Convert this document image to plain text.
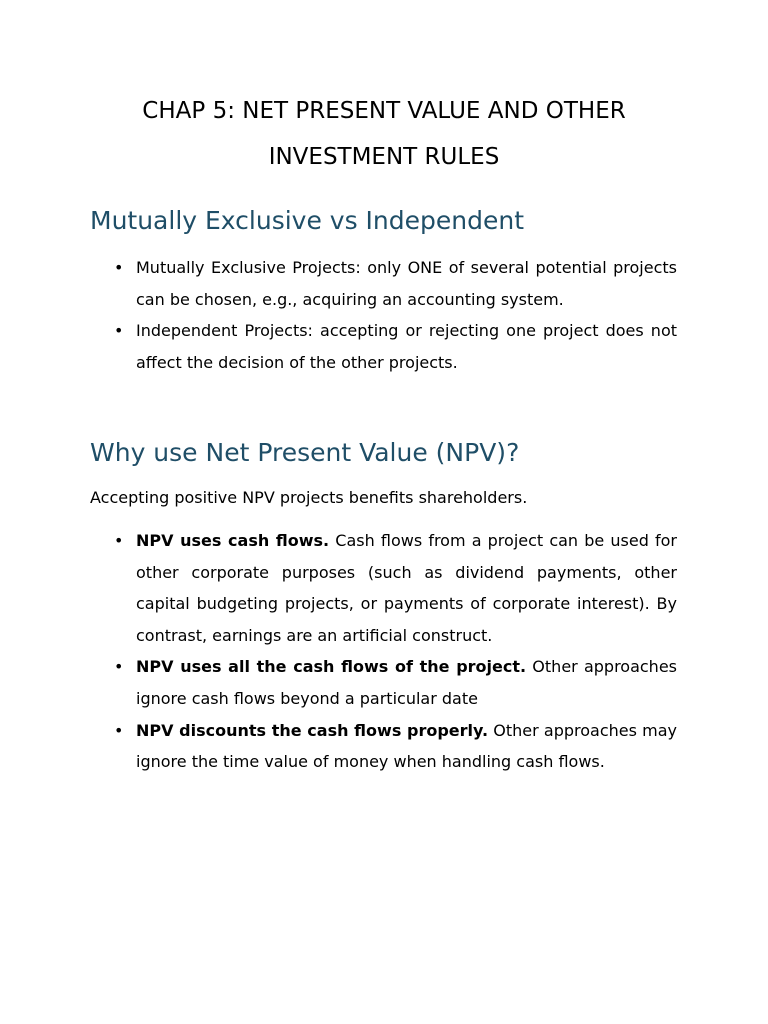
CHAP 5: NET PRESENT VALUE AND OTHER
INVESTMENT RULES
Mutually Exclusive vs Independent
• Mutually Exclusive Projects: only ONE of several potential projects can be chosen, e.g., acquiring an accounting system.
• Independent Projects: accepting or rejecting one project does not affect the decision of the other projects.
Why use Net Present Value (NPV)?

Accepting positive NPV projects benefits shareholders.

• NPV uses cash flows. Cash flows from a project can be used for other corporate purposes (such as dividend payments, other capital budgeting projects, or payments of corporate interest). By contrast, earnings are an artificial construct.
• NPV uses all the cash flows of the project. Other approaches ignore cash flows beyond a particular date
• NPV discounts the cash flows properly. Other approaches may ignore the time value of money when handling cash flows.
